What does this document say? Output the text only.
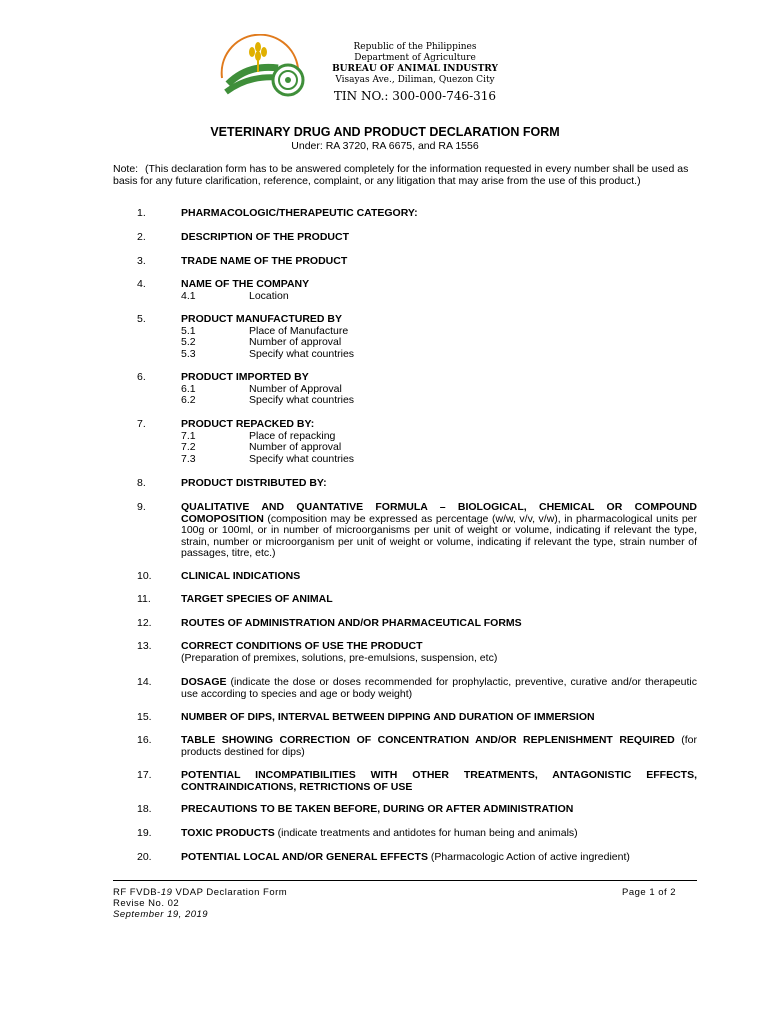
Republic of the Philippines
Department of Agriculture
BUREAU OF ANIMAL INDUSTRY
Visayas Ave., Diliman, Quezon City
TIN NO.: 300-000-746-316
VETERINARY DRUG AND PRODUCT DECLARATION FORM
Under: RA 3720, RA 6675, and RA 1556
Note: (This declaration form has to be answered completely for the information requested in every number shall be used as basis for any future clarification, reference, complaint, or any litigation that may arise from the use of this product.)
1.	PHARMACOLOGIC/THERAPEUTIC CATEGORY:
2.	DESCRIPTION OF THE PRODUCT
3.	TRADE NAME OF THE PRODUCT
4.	NAME OF THE COMPANY
4.1	Location
5.	PRODUCT MANUFACTURED BY
5.1	Place of Manufacture
5.2	Number of approval
5.3	Specify what countries
6.	PRODUCT IMPORTED BY
6.1	Number of Approval
6.2	Specify what countries
7.	PRODUCT REPACKED BY:
7.1	Place of repacking
7.2	Number of approval
7.3	Specify what countries
8.	PRODUCT DISTRIBUTED BY:
9.	QUALITATIVE AND QUANTATIVE FORMULA – BIOLOGICAL, CHEMICAL OR COMPOUND COMOPOSITION (composition may be expressed as percentage (w/w, v/v, v/w), in pharmacological units per 100g or 100ml, or in number of microorganisms per unit of weight or volume, indicating if relevant the type, strain, number or microorganism per unit of weight or volume, indicating if relevant the type, strain number of passages, titre, etc.)
10.	CLINICAL INDICATIONS
11.	TARGET SPECIES OF ANIMAL
12.	ROUTES OF ADMINISTRATION AND/OR PHARMACEUTICAL FORMS
13.	CORRECT CONDITIONS OF USE THE PRODUCT
(Preparation of premixes, solutions, pre-emulsions, suspension, etc)
14.	DOSAGE (indicate the dose or doses recommended for prophylactic, preventive, curative and/or therapeutic use according to species and age or body weight)
15.	NUMBER OF DIPS, INTERVAL BETWEEN DIPPING AND DURATION OF IMMERSION
16.	TABLE SHOWING CORRECTION OF CONCENTRATION AND/OR REPLENISHMENT REQUIRED (for products destined for dips)
17.	POTENTIAL INCOMPATIBILITIES WITH OTHER TREATMENTS, ANTAGONISTIC EFFECTS, CONTRAINDICATIONS, RETRICTIONS OF USE
18.	PRECAUTIONS TO BE TAKEN BEFORE, DURING OR AFTER ADMINISTRATION
19.	TOXIC PRODUCTS (indicate treatments and antidotes for human being and animals)
20.	POTENTIAL LOCAL AND/OR GENERAL EFFECTS (Pharmacologic Action of active ingredient)
RF FVDB-19 VDAP Declaration Form
Revise No. 02
September 19, 2019
Page 1 of 2
